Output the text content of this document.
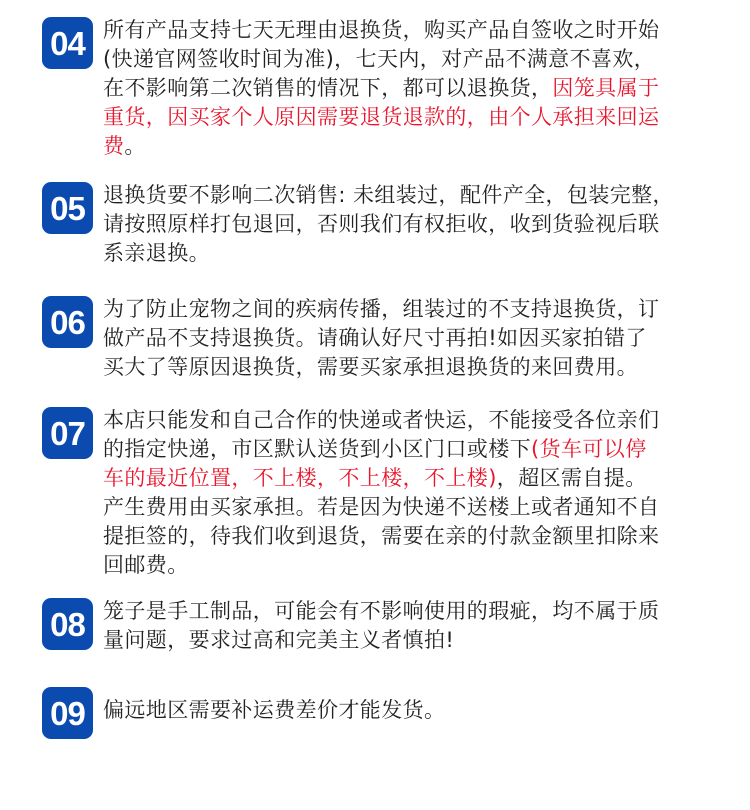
04 所有产品支持七天无理由退换货，购买产品自签收之时开始
(快递官网签收时间为准)，七天内，对产品不满意不喜欢，
在不影响第二次销售的情况下，都可以退换货，因笼具属于
重货，因买家个人原因需要退货退款的，由个人承担来回运
费。

05 退换货要不影响二次销售: 未组装过，配件产全，包装完整，
请按照原样打包退回，否则我们有权拒收，收到货验视后联
系亲退换。

06 为了防止宠物之间的疾病传播，组装过的不支持退换货，订
做产品不支持退换货。请确认好尺寸再拍!如因买家拍错了
买大了等原因退换货，需要买家承担退换货的来回费用。

07 本店只能发和自己合作的快递或者快运，不能接受各位亲们
的指定快递，市区默认送货到小区门口或楼下(货车可以停
车的最近位置，不上楼，不上楼，不上楼)，超区需自提。
产生费用由买家承担。若是因为快递不送楼上或者通知不自
提拒签的，待我们收到退货，需要在亲的付款金额里扣除来
回邮费。

08 笼子是手工制品，可能会有不影响使用的瑕疵，均不属于质
量问题，要求过高和完美主义者慎拍!

09 偏远地区需要补运费差价才能发货。
